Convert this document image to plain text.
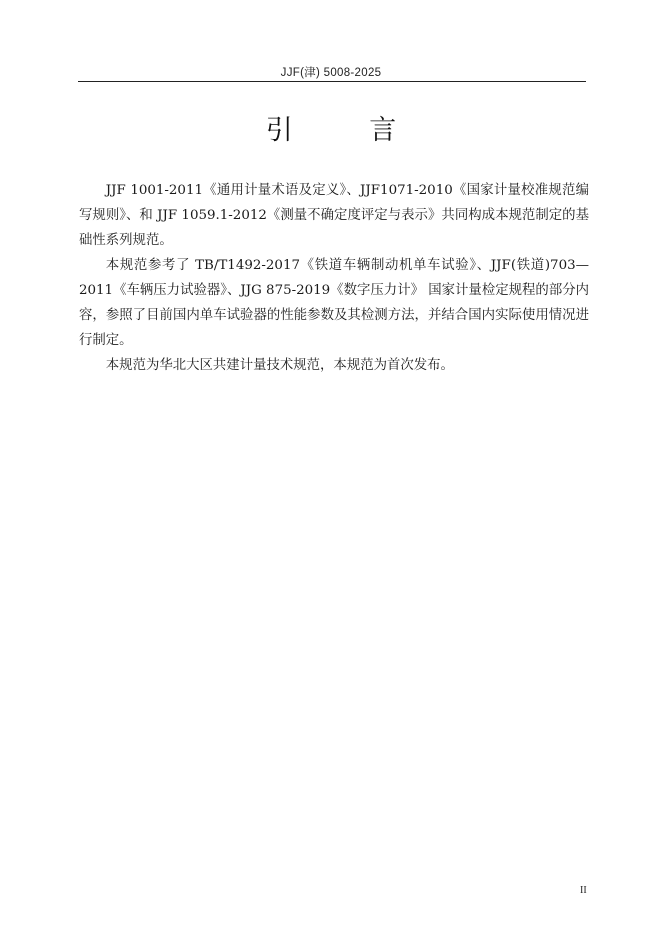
JJF(津) 5008-2025
引 言

JJF 1001-2011《通用计量术语及定义》、JJF1071-2010《国家计量校准规范编写规则》、和 JJF 1059.1-2012《测量不确定度评定与表示》共同构成本规范制定的基础性系列规范。

本规范参考了 TB/T1492-2017《铁道车辆制动机单车试验》、JJF(铁道)703—2011《车辆压力试验器》、JJG 875-2019《数字压力计》 国家计量检定规程的部分内容，参照了目前国内单车试验器的性能参数及其检测方法，并结合国内实际使用情况进行制定。

本规范为华北大区共建计量技术规范，本规范为首次发布。

II
